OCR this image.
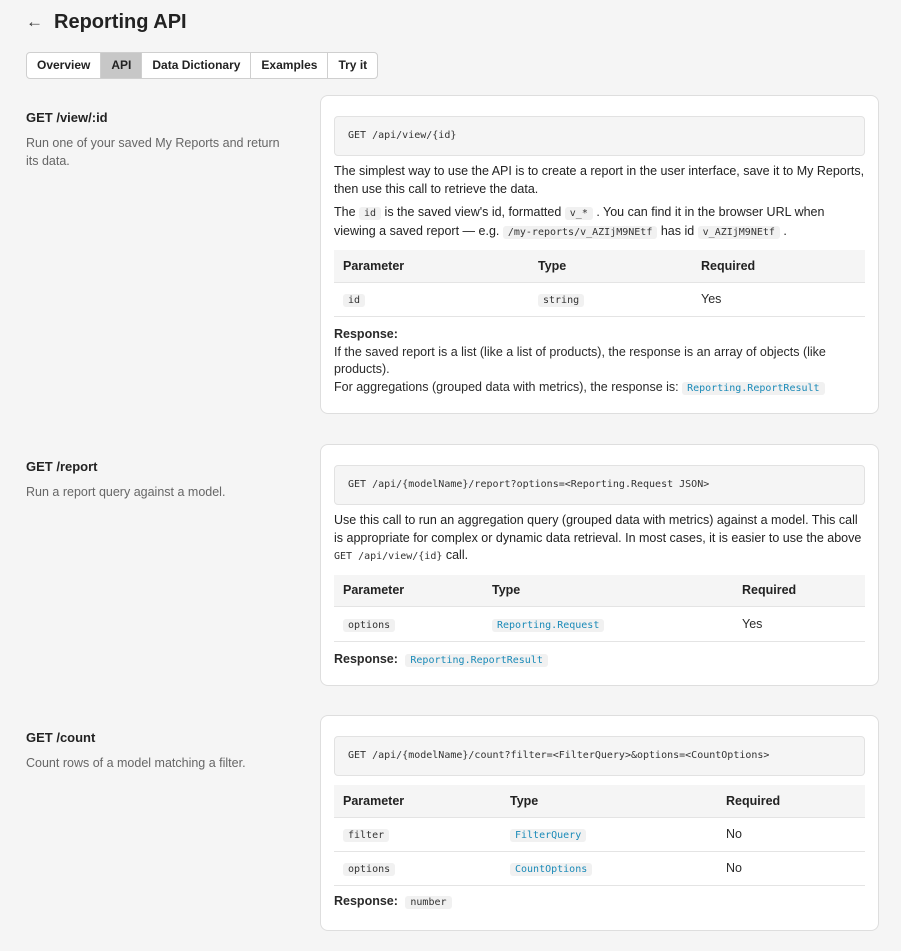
← Reporting API
Overview	API	Data Dictionary	Examples	Try it
GET /view/:id
Run one of your saved My Reports and return its data.
GET /api/view/{id}
The simplest way to use the API is to create a report in the user interface, save it to My Reports, then use this call to retrieve the data.
The id is the saved view's id, formatted v_* . You can find it in the browser URL when viewing a saved report — e.g. /my-reports/v_AZIjM9NEtf has id v_AZIjM9NEtf .
Parameter	Type	Required
id	string	Yes
Response:
If the saved report is a list (like a list of products), the response is an array of objects (like products).
For aggregations (grouped data with metrics), the response is: Reporting.ReportResult
GET /report
Run a report query against a model.
GET /api/{modelName}/report?options=<Reporting.Request JSON>
Use this call to run an aggregation query (grouped data with metrics) against a model. This call is appropriate for complex or dynamic data retrieval. In most cases, it is easier to use the above GET /api/view/{id} call.
Parameter	Type	Required
options	Reporting.Request	Yes
Response: Reporting.ReportResult
GET /count
Count rows of a model matching a filter.
GET /api/{modelName}/count?filter=<FilterQuery>&options=<CountOptions>
Parameter	Type	Required
filter	FilterQuery	No
options	CountOptions	No
Response: number
